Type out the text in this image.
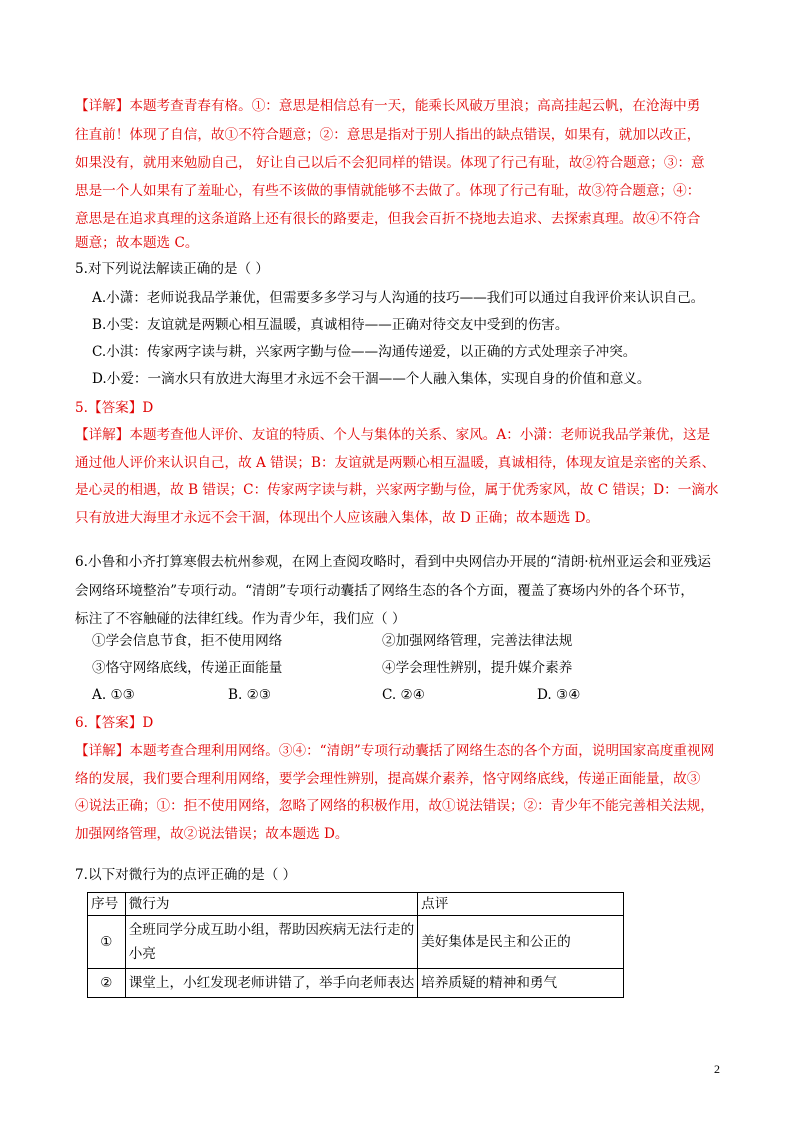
【详解】本题考查青春有格。①：意思是相信总有一天，能乘长风破万里浪；高高挂起云帆，在沧海中勇
往直前！体现了自信，故①不符合题意；②：意思是指对于别人指出的缺点错误，如果有，就加以改正，
如果没有，就用来勉励自己， 好让自己以后不会犯同样的错误。体现了行己有耻，故②符合题意；③：意
思是一个人如果有了羞耻心，有些不该做的事情就能够不去做了。体现了行己有耻，故③符合题意；④：
意思是在追求真理的这条道路上还有很长的路要走，但我会百折不挠地去追求、去探索真理。故④不符合
题意；故本题选 C。
5.对下列说法解读正确的是（ ）
A.小潇：老师说我品学兼优，但需要多多学习与人沟通的技巧——我们可以通过自我评价来认识自己。
B.小雯：友谊就是两颗心相互温暖，真诚相待——正确对待交友中受到的伤害。
C.小淇：传家两字读与耕，兴家两字勤与俭——沟通传递爱，以正确的方式处理亲子冲突。
D.小爱：一滴水只有放进大海里才永远不会干涸——个人融入集体，实现自身的价值和意义。
5.【答案】D
【详解】本题考查他人评价、友谊的特质、个人与集体的关系、家风。A：小潇：老师说我品学兼优，这是
通过他人评价来认识自己，故 A 错误；B：友谊就是两颗心相互温暖，真诚相待，体现友谊是亲密的关系、
是心灵的相遇，故 B 错误；C：传家两字读与耕，兴家两字勤与俭，属于优秀家风，故 C 错误；D：一滴水
只有放进大海里才永远不会干涸，体现出个人应该融入集体，故 D 正确；故本题选 D。
6.小鲁和小齐打算寒假去杭州参观，在网上查阅攻略时，看到中央网信办开展的“清朗·杭州亚运会和亚残运
会网络环境整治”专项行动。“清朗”专项行动囊括了网络生态的各个方面，覆盖了赛场内外的各个环节，
标注了不容触碰的法律红线。作为青少年，我们应（ ）
①学会信息节食，拒不使用网络	②加强网络管理，完善法律法规
③恪守网络底线，传递正面能量	④学会理性辨别，提升媒介素养
A. ①③	B. ②③	C. ②④	D. ③④
6.【答案】D
【详解】本题考查合理利用网络。③④：“清朗”专项行动囊括了网络生态的各个方面，说明国家高度重视网
络的发展，我们要合理利用网络，要学会理性辨别，提高媒介素养，恪守网络底线，传递正面能量，故③
④说法正确；①：拒不使用网络，忽略了网络的积极作用，故①说法错误；②：青少年不能完善相关法规，
加强网络管理，故②说法错误；故本题选 D。
7.以下对微行为的点评正确的是（ ）
序号	微行为	点评
①	全班同学分成互助小组，帮助因疾病无法行走的小亮	美好集体是民主和公正的
②	课堂上，小红发现老师讲错了，举手向老师表达	培养质疑的精神和勇气
2
